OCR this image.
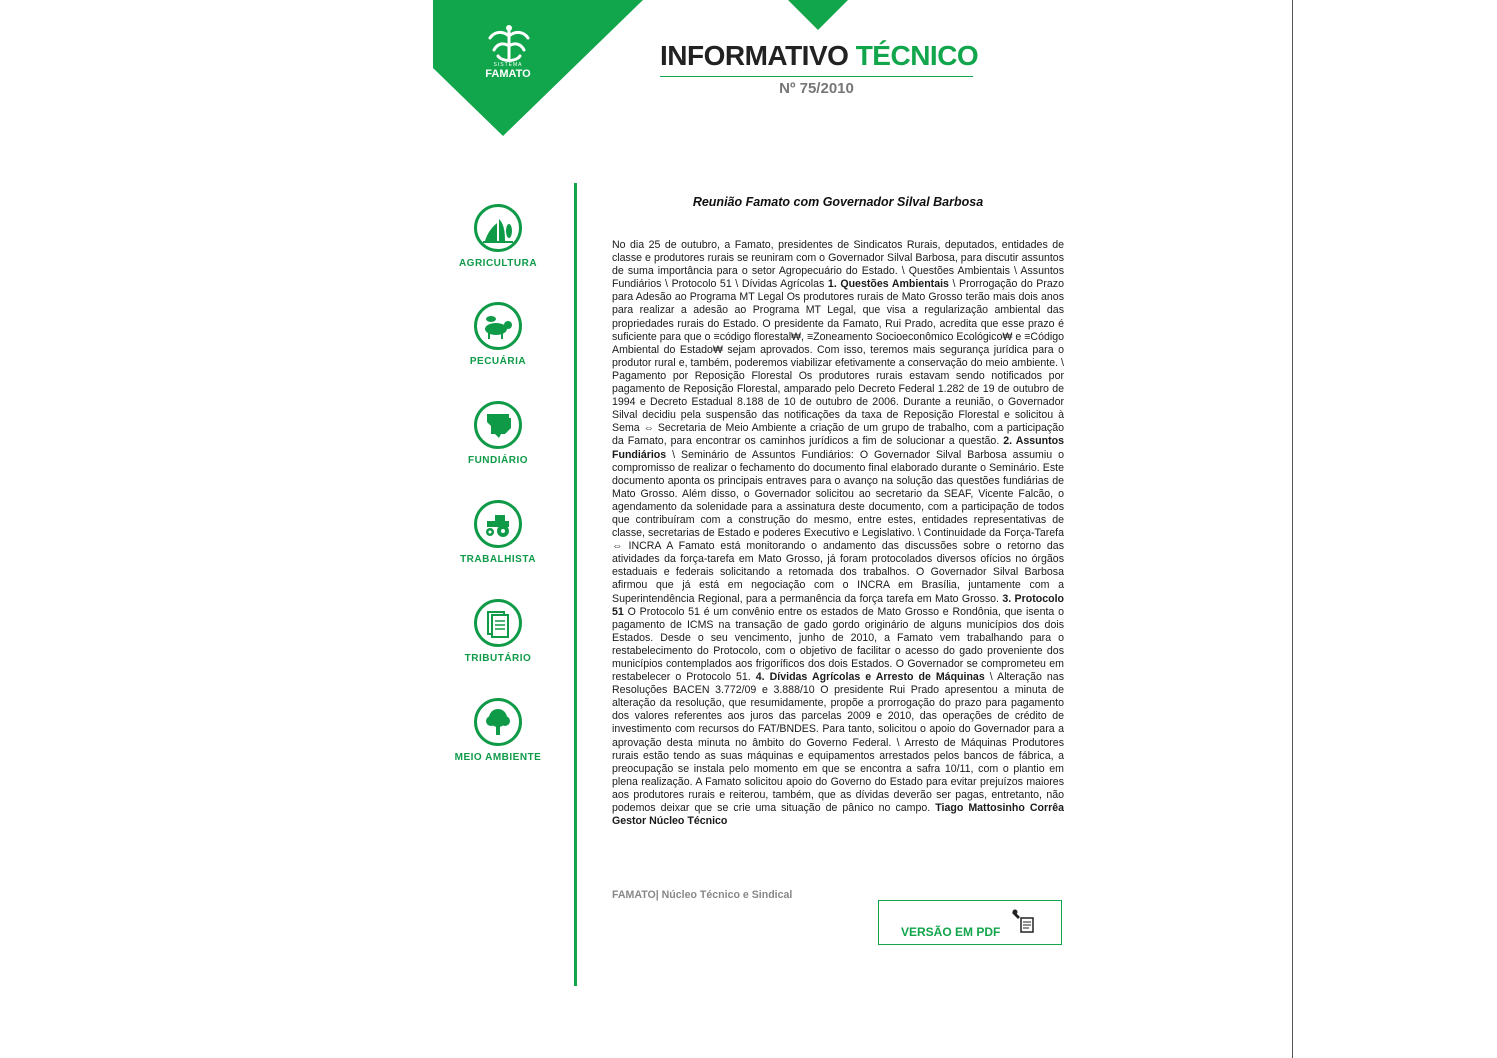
SISTEMA
FAMATO
INFORMATIVO TÉCNICO
Nº 75/2010
AGRICULTURA
PECUÁRIA
FUNDIÁRIO
TRABALHISTA
TRIBUTÁRIO
MEIO AMBIENTE
Reunião Famato com Governador Silval Barbosa
No dia 25 de outubro, a Famato, presidentes de Sindicatos Rurais, deputados, entidades de classe e produtores rurais se reuniram com o Governador Silval Barbosa, para discutir assuntos de suma importância para o setor Agropecuário do Estado. \ Questões Ambientais \ Assuntos Fundiários \ Protocolo 51 \ Dívidas Agrícolas 1. Questões Ambientais \ Prorrogação do Prazo para Adesão ao Programa MT Legal Os produtores rurais de Mato Grosso terão mais dois anos para realizar a adesão ao Programa MT Legal, que visa a regularização ambiental das propriedades rurais do Estado. O presidente da Famato, Rui Prado, acredita que esse prazo é suficiente para que o ≡código florestal₩, ≡Zoneamento Socioeconômico Ecológico₩ e ≡Código Ambiental do Estado₩ sejam aprovados. Com isso, teremos mais segurança jurídica para o produtor rural e, também, poderemos viabilizar efetivamente a conservação do meio ambiente. \ Pagamento por Reposição Florestal Os produtores rurais estavam sendo notificados por pagamento de Reposição Florestal, amparado pelo Decreto Federal 1.282 de 19 de outubro de 1994 e Decreto Estadual 8.188 de 10 de outubro de 2006. Durante a reunião, o Governador Silval decidiu pela suspensão das notificações da taxa de Reposição Florestal e solicitou à Sema ⇔ Secretaria de Meio Ambiente a criação de um grupo de trabalho, com a participação da Famato, para encontrar os caminhos jurídicos a fim de solucionar a questão. 2. Assuntos Fundiários \ Seminário de Assuntos Fundiários: O Governador Silval Barbosa assumiu o compromisso de realizar o fechamento do documento final elaborado durante o Seminário. Este documento aponta os principais entraves para o avanço na solução das questões fundiárias de Mato Grosso. Além disso, o Governador solicitou ao secretario da SEAF, Vicente Falcão, o agendamento da solenidade para a assinatura deste documento, com a participação de todos que contribuíram com a construção do mesmo, entre estes, entidades representativas de classe, secretarias de Estado e poderes Executivo e Legislativo. \ Continuidade da Força-Tarefa ⇔ INCRA A Famato está monitorando o andamento das discussões sobre o retorno das atividades da força-tarefa em Mato Grosso, já foram protocolados diversos ofícios no órgãos estaduais e federais solicitando a retomada dos trabalhos. O Governador Silval Barbosa afirmou que já está em negociação com o INCRA em Brasília, juntamente com a Superintendência Regional, para a permanência da força tarefa em Mato Grosso. 3. Protocolo 51 O Protocolo 51 é um convênio entre os estados de Mato Grosso e Rondônia, que isenta o pagamento de ICMS na transação de gado gordo originário de alguns municípios dos dois Estados. Desde o seu vencimento, junho de 2010, a Famato vem trabalhando para o restabelecimento do Protocolo, com o objetivo de facilitar o acesso do gado proveniente dos municípios contemplados aos frigoríficos dos dois Estados. O Governador se comprometeu em restabelecer o Protocolo 51. 4. Dívidas Agrícolas e Arresto de Máquinas \ Alteração nas Resoluções BACEN 3.772/09 e 3.888/10 O presidente Rui Prado apresentou a minuta de alteração da resolução, que resumidamente, propõe a prorrogação do prazo para pagamento dos valores referentes aos juros das parcelas 2009 e 2010, das operações de crédito de investimento com recursos do FAT/BNDES. Para tanto, solicitou o apoio do Governador para a aprovação desta minuta no âmbito do Governo Federal. \ Arresto de Máquinas Produtores rurais estão tendo as suas máquinas e equipamentos arrestados pelos bancos de fábrica, a preocupação se instala pelo momento em que se encontra a safra 10/11, com o plantio em plena realização. A Famato solicitou apoio do Governo do Estado para evitar prejuízos maiores aos produtores rurais e reiterou, também, que as dívidas deverão ser pagas, entretanto, não podemos deixar que se crie uma situação de pânico no campo. Tiago Mattosinho Corrêa Gestor Núcleo Técnico
FAMATO| Núcleo Técnico e Sindical
VERSÃO EM PDF
